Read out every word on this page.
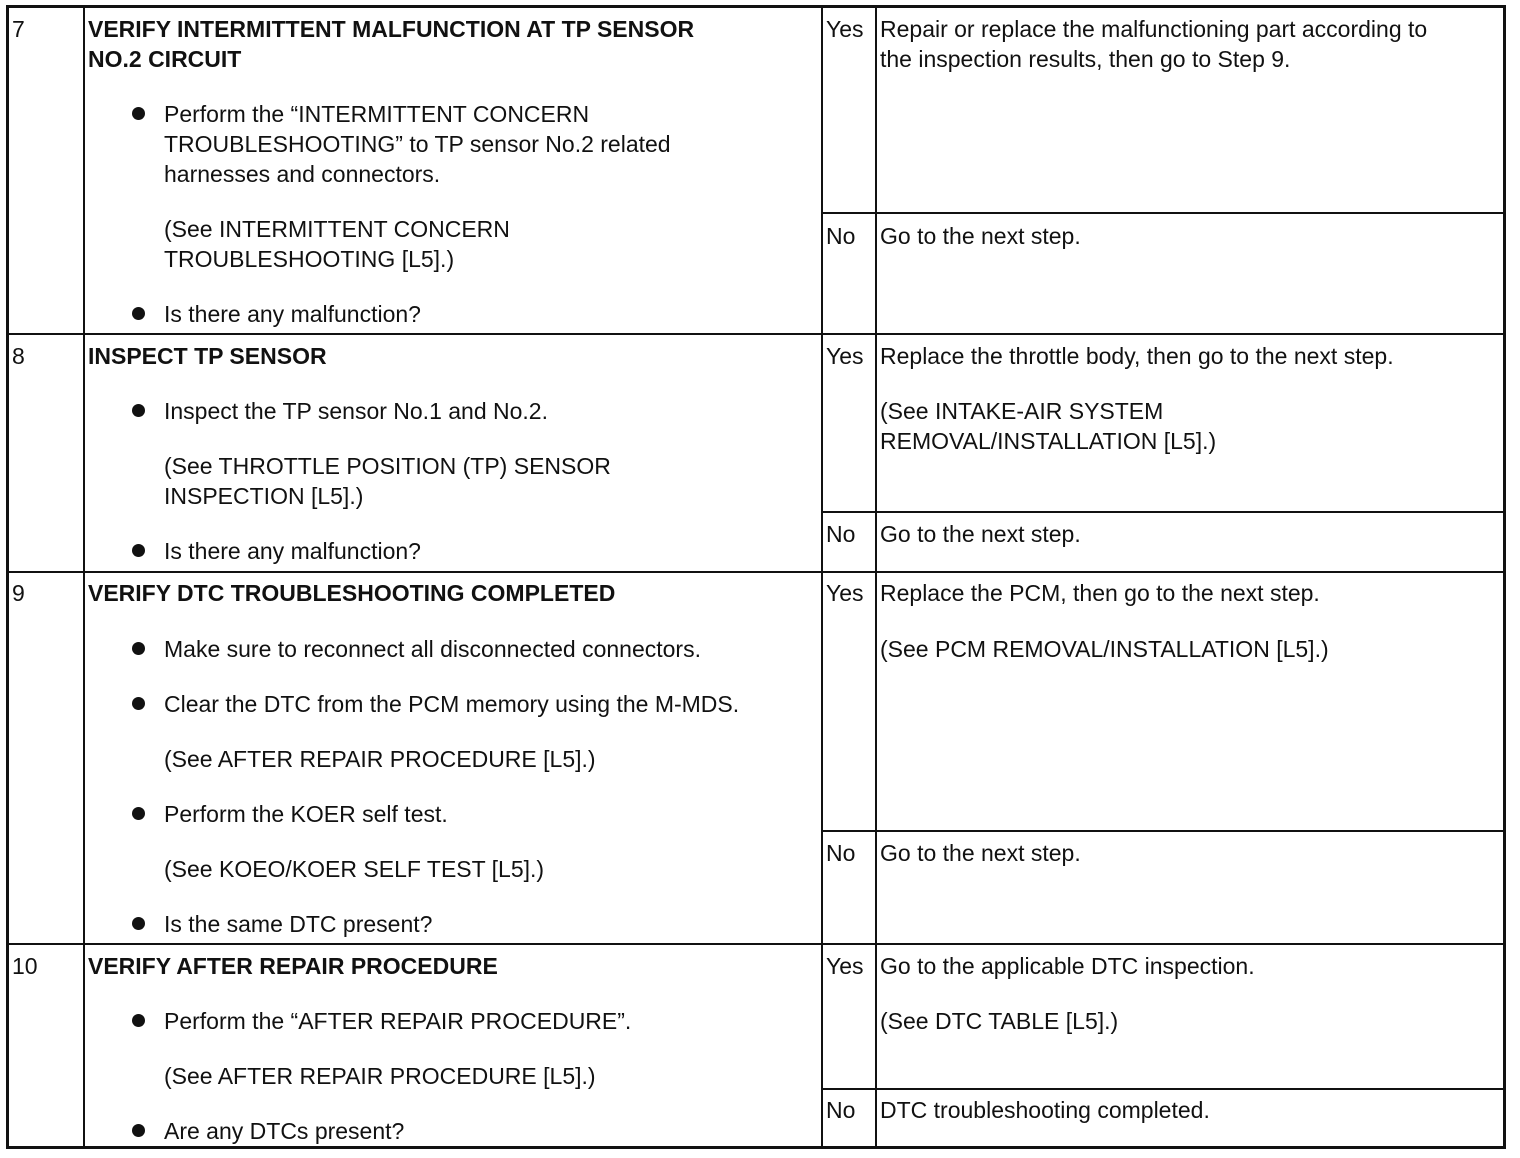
7	VERIFY INTERMITTENT MALFUNCTION AT TP SENSOR
NO.2 CIRCUIT
Perform the “INTERMITTENT CONCERN
TROUBLESHOOTING” to TP sensor No.2 related
harnesses and connectors.
(See INTERMITTENT CONCERN
TROUBLESHOOTING [L5].)
Is there any malfunction?
Yes Repair or replace the malfunctioning part according to
the inspection results, then go to Step 9.
No Go to the next step.
8	INSPECT TP SENSOR
Inspect the TP sensor No.1 and No.2.
(See THROTTLE POSITION (TP) SENSOR
INSPECTION [L5].)
Is there any malfunction?
Yes Replace the throttle body, then go to the next step.
(See INTAKE-AIR SYSTEM
REMOVAL/INSTALLATION [L5].)
No Go to the next step.
9	VERIFY DTC TROUBLESHOOTING COMPLETED
Make sure to reconnect all disconnected connectors.
Clear the DTC from the PCM memory using the M-MDS.
(See AFTER REPAIR PROCEDURE [L5].)
Perform the KOER self test.
(See KOEO/KOER SELF TEST [L5].)
Is the same DTC present?
Yes Replace the PCM, then go to the next step.
(See PCM REMOVAL/INSTALLATION [L5].)
No Go to the next step.
10 VERIFY AFTER REPAIR PROCEDURE
Perform the “AFTER REPAIR PROCEDURE”.
(See AFTER REPAIR PROCEDURE [L5].)
Are any DTCs present?
Yes Go to the applicable DTC inspection.
(See DTC TABLE [L5].)
No DTC troubleshooting completed.
